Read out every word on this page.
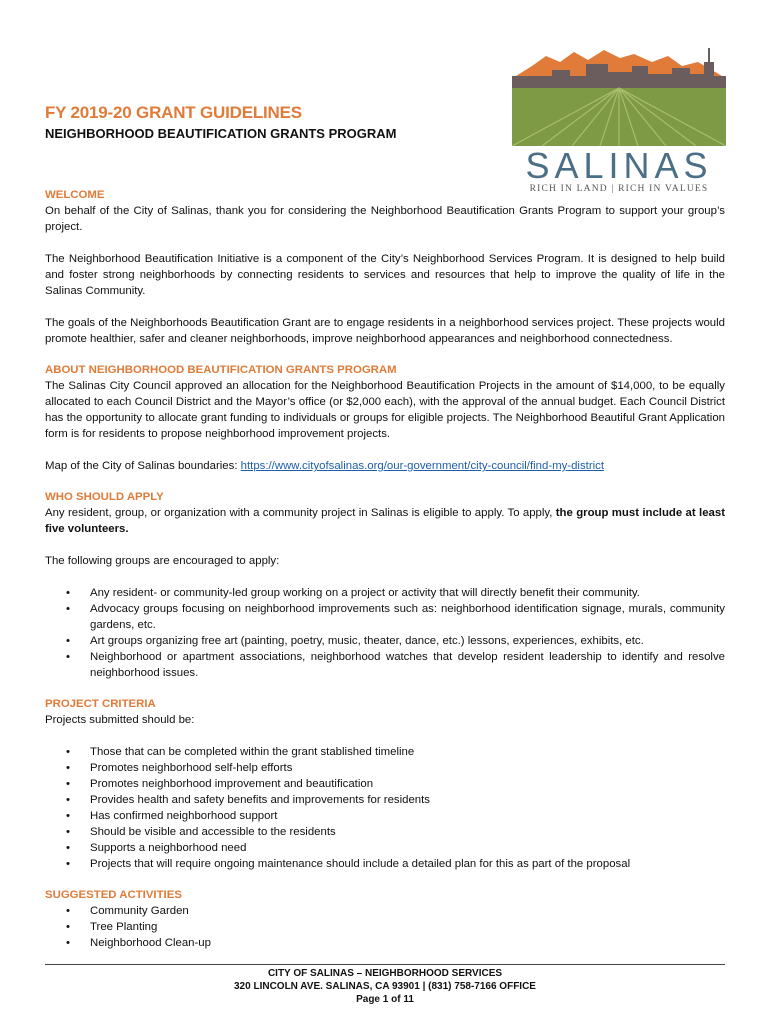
SALINAS
RICH IN LAND | RICH IN VALUES
FY 2019-20 GRANT GUIDELINES
NEIGHBORHOOD BEAUTIFICATION GRANTS PROGRAM
WELCOME

On behalf of the City of Salinas, thank you for considering the Neighborhood Beautification Grants Program to support your group’s project.

The Neighborhood Beautification Initiative is a component of the City’s Neighborhood Services Program. It is designed to help build and foster strong neighborhoods by connecting residents to services and resources that help to improve the quality of life in the Salinas Community.

The goals of the Neighborhoods Beautification Grant are to engage residents in a neighborhood services project. These projects would promote healthier, safer and cleaner neighborhoods, improve neighborhood appearances and neighborhood connectedness.

ABOUT NEIGHBORHOOD BEAUTIFICATION GRANTS PROGRAM

The Salinas City Council approved an allocation for the Neighborhood Beautification Projects in the amount of $14,000, to be equally allocated to each Council District and the Mayor’s office (or $2,000 each), with the approval of the annual budget. Each Council District has the opportunity to allocate grant funding to individuals or groups for eligible projects. The Neighborhood Beautiful Grant Application form is for residents to propose neighborhood improvement projects.

Map of the City of Salinas boundaries: https://www.cityofsalinas.org/our-government/city-council/find-my-district

WHO SHOULD APPLY

Any resident, group, or organization with a community project in Salinas is eligible to apply. To apply, the group must include at least five volunteers.

The following groups are encouraged to apply:

• Any resident- or community-led group working on a project or activity that will directly benefit their community.
• Advocacy groups focusing on neighborhood improvements such as: neighborhood identification signage, murals, community gardens, etc.
• Art groups organizing free art (painting, poetry, music, theater, dance, etc.) lessons, experiences, exhibits, etc.
• Neighborhood or apartment associations, neighborhood watches that develop resident leadership to identify and resolve neighborhood issues.
PROJECT CRITERIA

Projects submitted should be:

• Those that can be completed within the grant stablished timeline
• Promotes neighborhood self-help efforts
• Promotes neighborhood improvement and beautification
• Provides health and safety benefits and improvements for residents
• Has confirmed neighborhood support
• Should be visible and accessible to the residents
• Supports a neighborhood need
• Projects that will require ongoing maintenance should include a detailed plan for this as part of the proposal
SUGGESTED ACTIVITIES
• Community Garden
• Tree Planting
• Neighborhood Clean-up
CITY OF SALINAS – NEIGHBORHOOD SERVICES
320 LINCOLN AVE. SALINAS, CA 93901 | (831) 758-7166 OFFICE
Page 1 of 11
